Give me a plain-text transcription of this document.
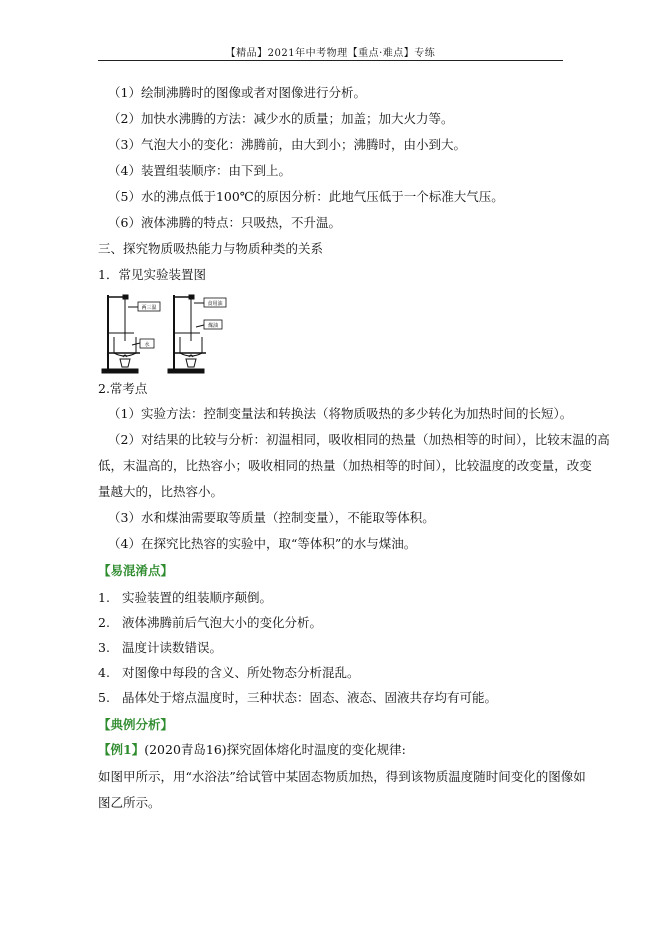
【精品】2021年中考物理【重点·难点】专练
（1）绘制沸腾时的图像或者对图像进行分析。
（2）加快水沸腾的方法：减少水的质量；加盖；加大火力等。
（3）气泡大小的变化：沸腾前，由大到小；沸腾时，由小到大。
（4）装置组装顺序：由下到上。
（5）水的沸点低于100℃的原因分析：此地气压低于一个标准大气压。
（6）液体沸腾的特点：只吸热，不升温。
三、探究物质吸热能力与物质种类的关系
1．常见实验装置图
两三温
水
食用油
煤油
2.常考点
（1）实验方法：控制变量法和转换法（将物质吸热的多少转化为加热时间的长短）。
（2）对结果的比较与分析：初温相同，吸收相同的热量（加热相等的时间），比较末温的高
低，末温高的，比热容小；吸收相同的热量（加热相等的时间），比较温度的改变量，改变
量越大的，比热容小。
（3）水和煤油需要取等质量（控制变量），不能取等体积。
（4）在探究比热容的实验中，取“等体积”的水与煤油。
【易混淆点】
1. 实验装置的组装顺序颠倒。
2. 液体沸腾前后气泡大小的变化分析。
3. 温度计读数错误。
4. 对图像中每段的含义、所处物态分析混乱。
5. 晶体处于熔点温度时，三种状态：固态、液态、固液共存均有可能。
【典例分析】
【例1】(2020青岛16)探究固体熔化时温度的变化规律:
如图甲所示，用“水浴法”给试管中某固态物质加热，得到该物质温度随时间变化的图像如
图乙所示。
